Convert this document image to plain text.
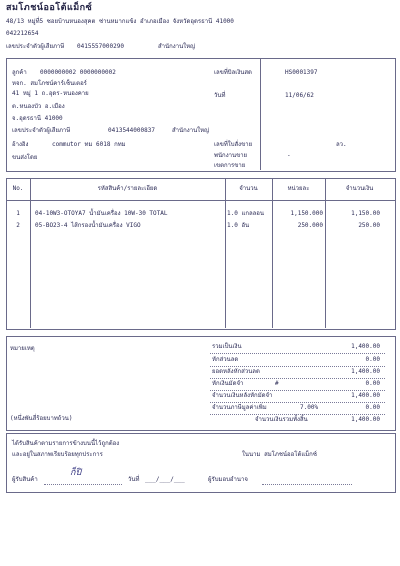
สมโภชน์ออโต้แม็กซ์
48/13 หมู่ที่5 ซอยบ้านหนองสุคต ซ่านหมากแข้ง อำเภอเมือง จังหวัดอุดรธานี 41000
042212654
เลขประจำตัวผู้เสียภาษี 0415557000290	สำนักงานใหญ่
ลูกค้า 0000000002 0000000002
หจก. สมโภชน์คาร์เซ็นเตอร์
41 หมู่ 1 ถ.อุดร-หนองคาย
ต.หนองบัว อ.เมือง
จ.อุดรธานี 41000
เลขประจำตัวผู้เสียภาษี	0413544000837	สำนักงานใหญ่
อ้างอิง	commutor ทม 6018 กทม
ขนส่งโดย
เลขที่บิลเงินสด	HS0001397
วันที่	11/06/62
เลขที่ใบสั่งขาย	ลว.
พนักงานขาย	-
เขตการขาย
No.	รหัสสินค้า/รายละเอียด	จำนวน	หน่วยละ	จำนวนเงิน
1	04-10W3-OTOYA7 น้ำมันเครื่อง 10W-30 TOTAL	1.0 แกลลอน	1,150.000	1,150.00
2	05-BO23-4 ไส้กรองน้ำมันเครื่อง VIGO	1.0 อัน	250.000	250.00
หมายเหตุ
(หนึ่งพันสี่ร้อยบาทถ้วน)
รวมเป็นเงิน	1,400.00
หักส่วนลด	0.00
ยอดหลังหักส่วนลด	1,400.00
หักเงินมัดจำ	#	0.00
จำนวนเงินหลังหักมัดจำ	1,400.00
จำนวนภาษีมูลค่าเพิ่ม	7.00%	0.00
จำนวนเงินรวมทั้งสิ้น	1,400.00
ได้รับสินค้าตามรายการข้างบนนี้ไว้ถูกต้อง
และอยู่ในสภาพเรียบร้อยทุกประการ	ในนาม สมโภชน์ออโต้แม็กซ์
ผู้รับสินค้า
ก็ปิ
วันที่ ___/___/___	ผู้รับมอบอำนาจ
